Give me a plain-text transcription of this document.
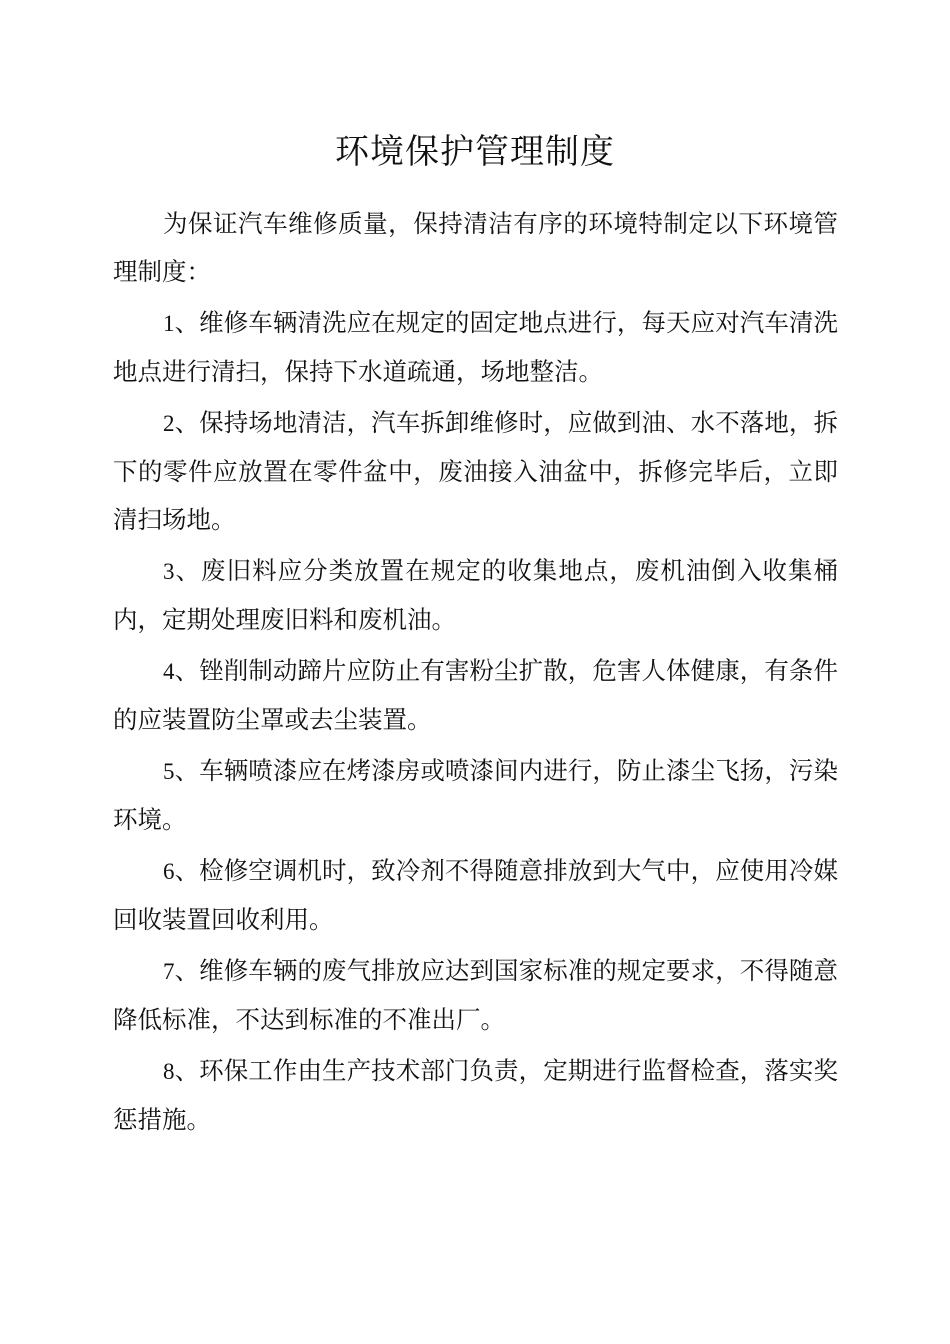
环境保护管理制度

为保证汽车维修质量，保持清洁有序的环境特制定以下环境管理制度：

1、维修车辆清洗应在规定的固定地点进行，每天应对汽车清洗地点进行清扫，保持下水道疏通，场地整洁。

2、保持场地清洁，汽车拆卸维修时，应做到油、水不落地，拆下的零件应放置在零件盆中，废油接入油盆中，拆修完毕后，立即清扫场地。

3、废旧料应分类放置在规定的收集地点，废机油倒入收集桶内，定期处理废旧料和废机油。

4、锉削制动蹄片应防止有害粉尘扩散，危害人体健康，有条件的应装置防尘罩或去尘装置。

5、车辆喷漆应在烤漆房或喷漆间内进行，防止漆尘飞扬，污染环境。

6、检修空调机时，致冷剂不得随意排放到大气中，应使用冷媒回收装置回收利用。

7、维修车辆的废气排放应达到国家标准的规定要求，不得随意降低标准，不达到标准的不准出厂。

8、环保工作由生产技术部门负责，定期进行监督检查，落实奖惩措施。
